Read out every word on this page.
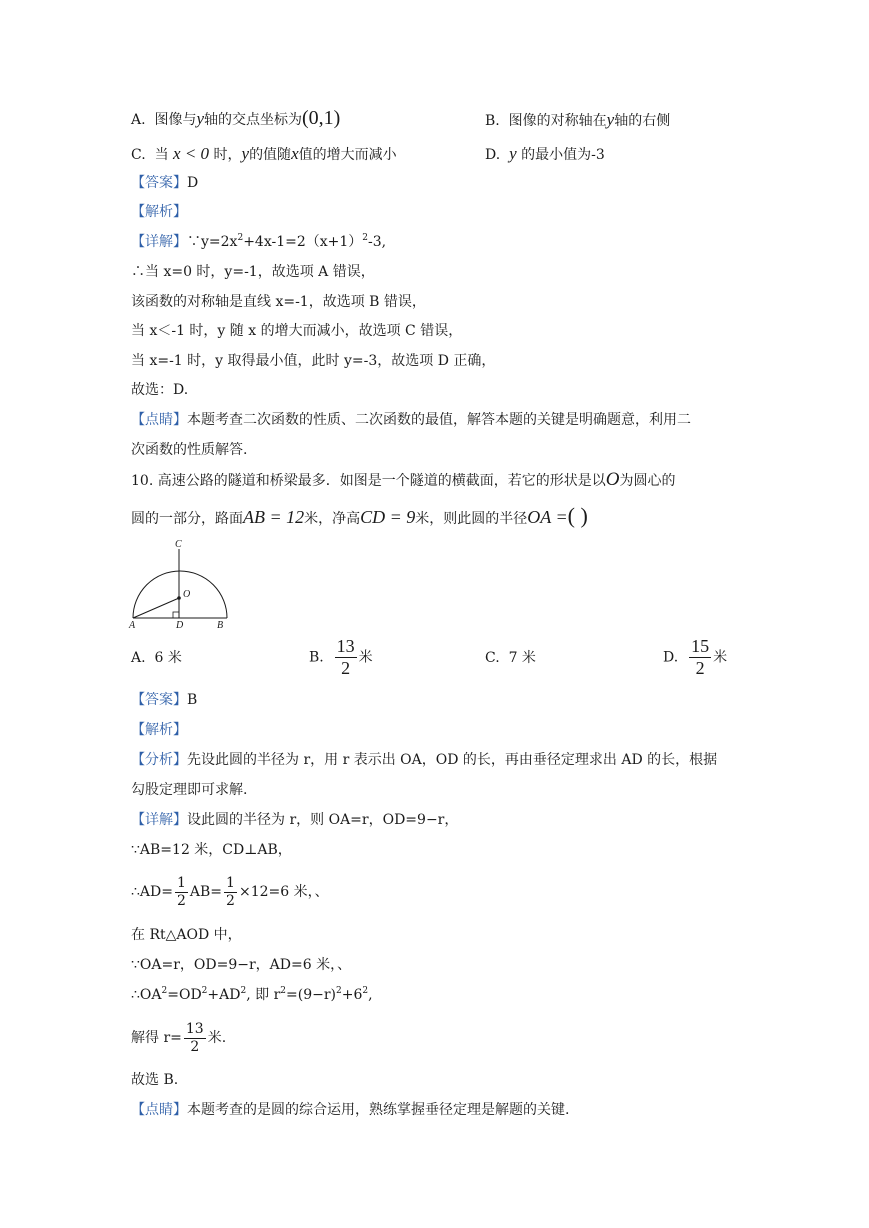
A. 图像与y轴的交点坐标为(0,1)	B. 图像的对称轴在y轴的右侧
C. 当 x < 0 时，y的值随x值的增大而减小	D. y 的最小值为-3
【答案】D
【解析】
【详解】$\because y=2x^2+4x-1=2(x+1)^2-3$,
∴当 x=0 时，y=-1，故选项 A 错误，
该函数的对称轴是直线 x=-1，故选项 B 错误，
当 x＜-1 时，y 随 x 的增大而减小，故选项 C 错误，
当 x=-1 时，y 取得最小值，此时 y=-3，故选项 D 正确，
故选：D.
【点睛】本题考查二次函数的性质、二次函数的最值，解答本题的关键是明确题意，利用二
次函数的性质解答.
10. 高速公路的隧道和桥梁最多．如图是一个隧道的横截面，若它的形状是以O为圆心的
圆的一部分，路面AB = 12米，净高CD = 9米，则此圆的半径OA =( )
C
O
A	D	B
A. 6 米	B. $\frac{13}{2}$ 米	C. 7 米	D. $\frac{15}{2}$ 米
【答案】B
【解析】
【分析】先设此圆的半径为 r，用 r 表示出 OA，OD 的长，再由垂径定理求出 AD 的长，根据
勾股定理即可求解.
【详解】设此圆的半径为 r，则 OA=r，OD=9−r，
∵AB=12 米，CD⊥AB，
∴AD= $\frac{1}{2} AB= \frac{1}{2} \times 12=6$ 米，、
在 Rt△AOD 中，
∵OA=r，OD=9−r，AD=6 米，、
$\therefore OA^2=OD^2+AD^2$, 即 $r^2=(9-r)^2+6^2$,
解得 $r= \frac{13}{2}$ 米.
故选 B.
【点睛】本题考查的是圆的综合运用，熟练掌握垂径定理是解题的关键.
